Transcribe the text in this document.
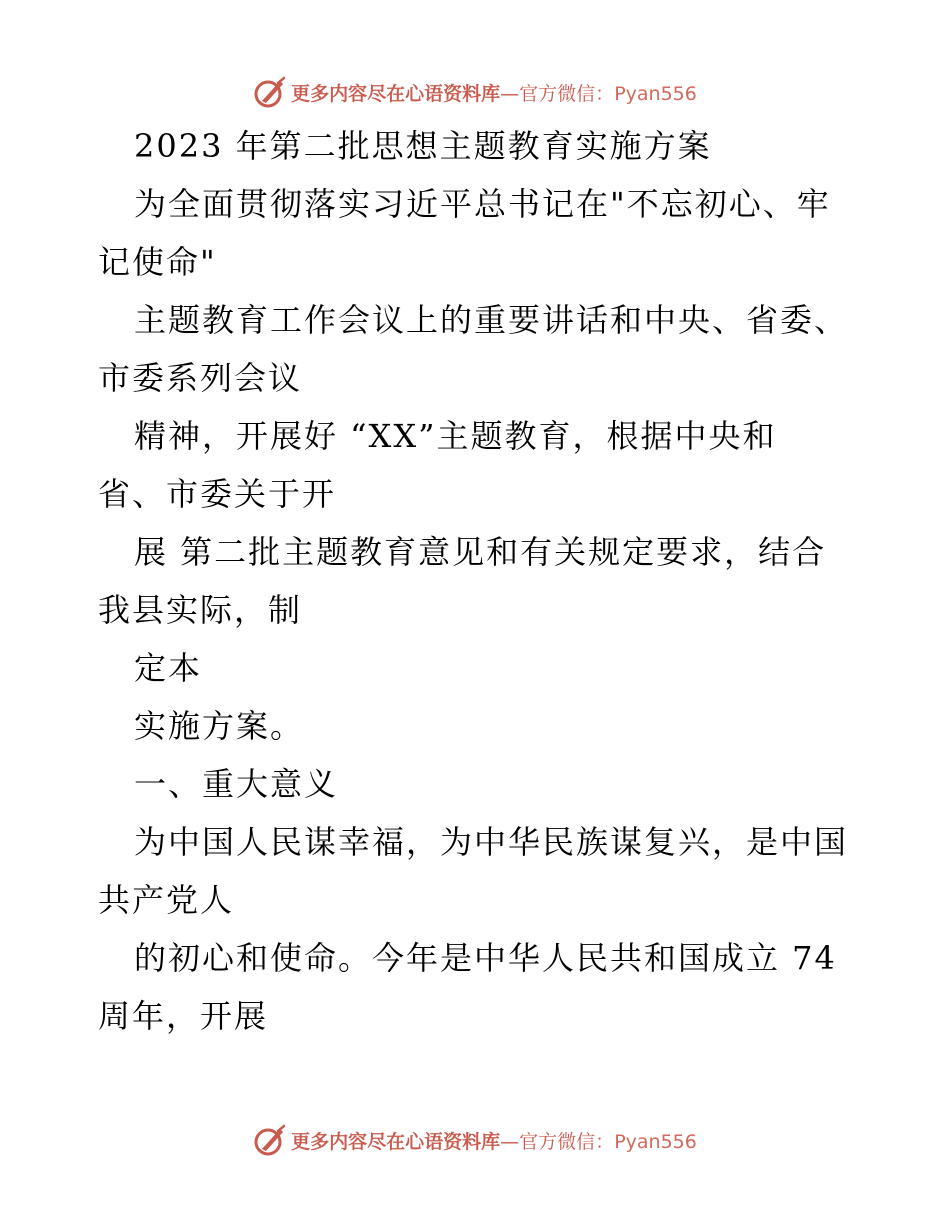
更多内容尽在心语资料库—官方微信：Pyan556
2023 年第二批思想主题教育实施方案
为全面贯彻落实习近平总书记在"不忘初心、牢
记使命"
主题教育工作会议上的重要讲话和中央、省委、
市委系列会议
精神，开展好 “XX”主题教育，根据中央和
省、市委关于开
展 第二批主题教育意见和有关规定要求，结合
我县实际，制
定本
实施方案。
一、重大意义
为中国人民谋幸福，为中华民族谋复兴，是中国
共产党人
的初心和使命。今年是中华人民共和国成立 74
周年，开展
更多内容尽在心语资料库—官方微信：Pyan556
